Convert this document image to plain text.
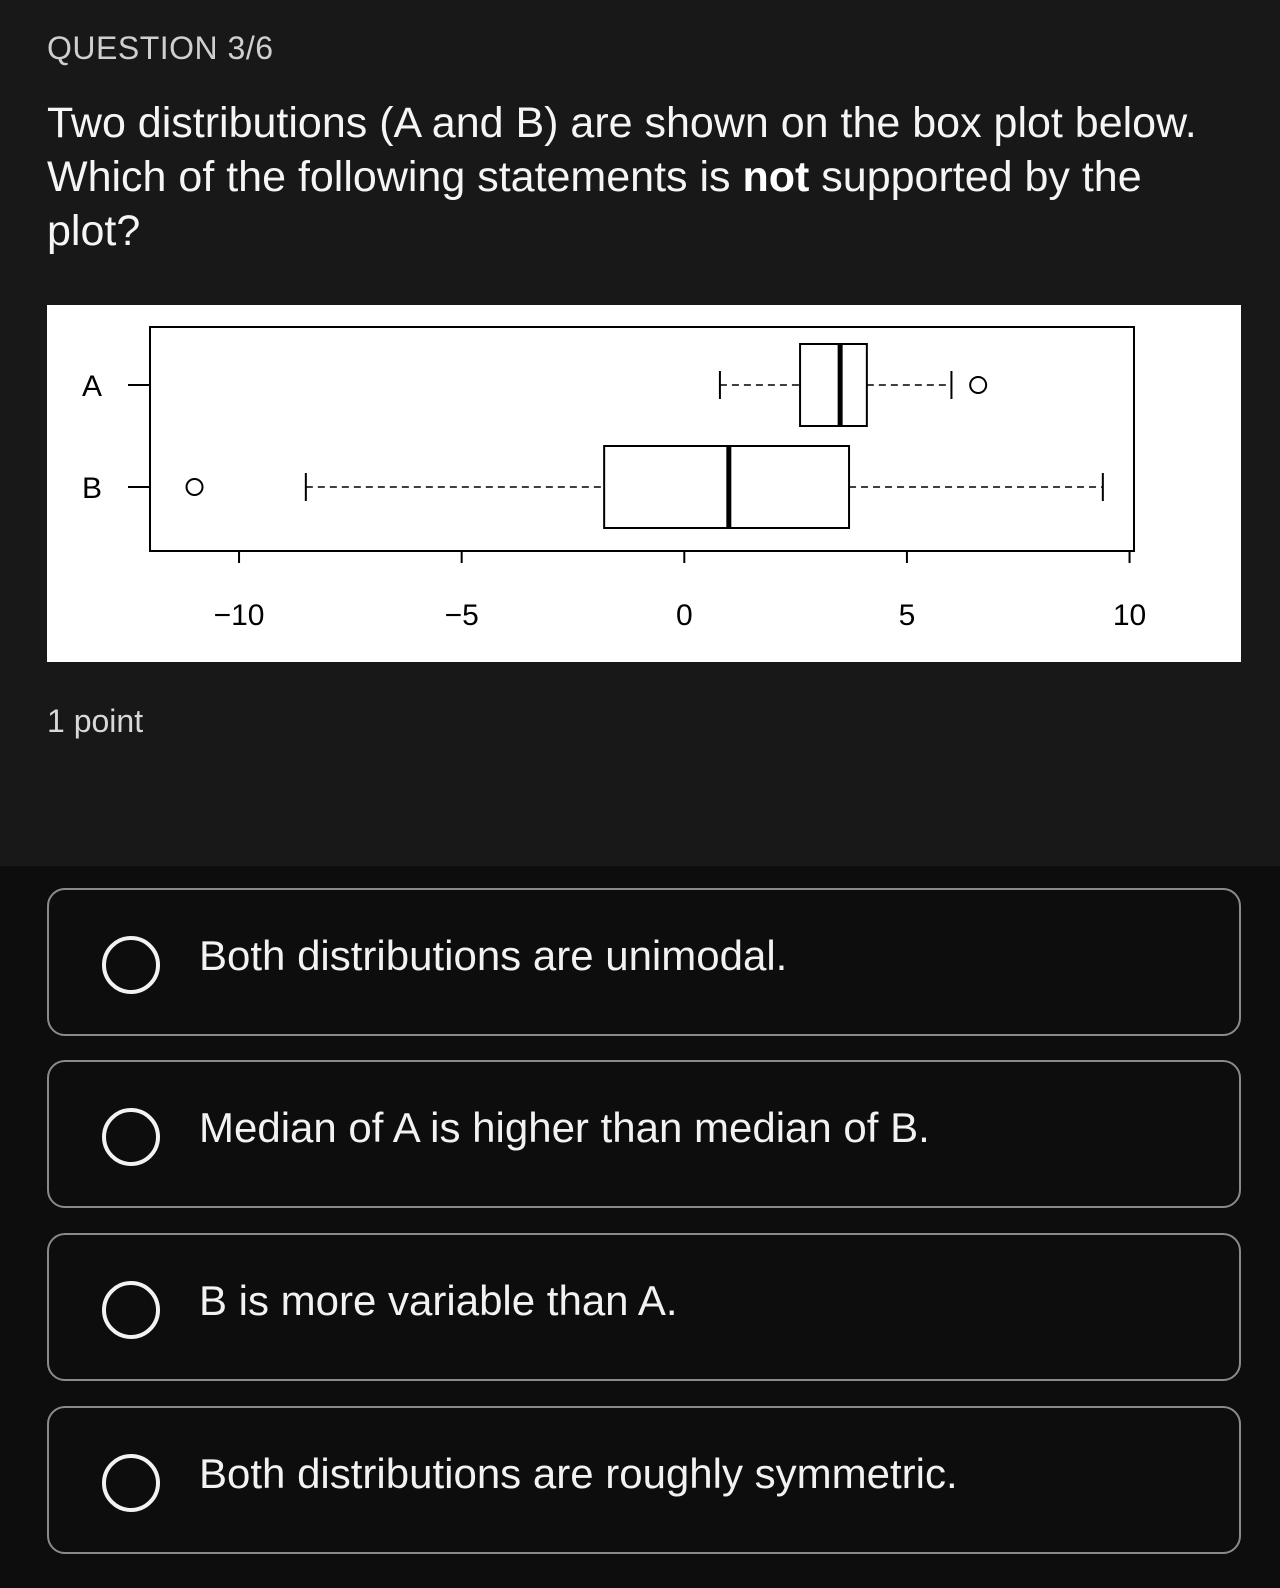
QUESTION 3/6
Two distributions (A and B) are shown on the box plot below. Which of the following statements is not supported by the plot?
−10	−5	0	5	10
A
B
1 point
Both distributions are unimodal.
Median of A is higher than median of B.
B is more variable than A.
Both distributions are roughly symmetric.
